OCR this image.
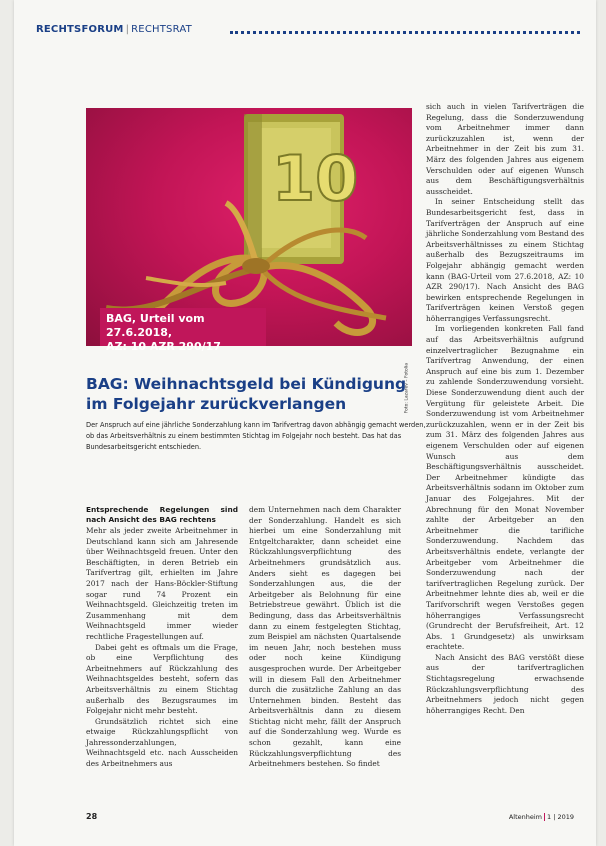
RECHTSFORUM | RECHTSRAT
10
Foto: Lazarev – Fotolia
BAG, Urteil vom 27.6.2018,
AZ: 10 AZR 290/17
BAG: Weihnachtsgeld bei Kündigung im Folgejahr zurückverlangen

Der Anspruch auf eine jährliche Sonderzahlung kann im Tarifvertrag davon abhängig gemacht werden, ob das Arbeitsverhältnis zu einem bestimmten Stichtag im Folgejahr noch besteht. Das hat das Bundesarbeitsgericht entschieden.

Entsprechende Regelungen sind nach Ansicht des BAG rechtens

Mehr als jeder zweite Arbeitnehmer in Deutschland kann sich am Jahresende über Weihnachtsgeld freuen. Unter den Beschäftigten, in deren Betrieb ein Tarifvertrag gilt, erhielten im Jahre 2017 nach der Hans-Böckler-Stiftung sogar rund 74 Prozent ein Weihnachtsgeld. Gleichzeitig treten im Zusammenhang mit dem Weihnachtsgeld immer wieder rechtliche Fragestellungen auf.

Dabei geht es oftmals um die Frage, ob eine Verpflichtung des Arbeitnehmers auf Rückzahlung des Weihnachtsgeldes besteht, sofern das Arbeitsverhältnis zu einem Stichtag außerhalb des Bezugsraumes im Folgejahr nicht mehr besteht.

Grundsätzlich richtet sich eine etwaige Rückzahlungspflicht von Jahressonderzahlungen, Weihnachtsgeld etc. nach Ausscheiden des Arbeitnehmers aus

dem Unternehmen nach dem Charakter der Sonderzahlung. Handelt es sich hierbei um eine Sonderzahlung mit Entgeltcharakter, dann scheidet eine Rückzahlungsverpflichtung des Arbeitnehmers grundsätzlich aus. Anders sieht es dagegen bei Sonderzahlungen aus, die der Arbeitgeber als Belohnung für eine Betriebstreue gewährt. Üblich ist die Bedingung, dass das Arbeitsverhältnis dann zu einem festgelegten Stichtag, zum Beispiel am nächsten Quartalsende im neuen Jahr, noch bestehen muss oder noch keine Kündigung ausgesprochen wurde. Der Arbeitgeber will in diesem Fall den Arbeitnehmer durch die zusätzliche Zahlung an das Unternehmen binden. Besteht das Arbeitsverhältnis dann zu diesem Stichtag nicht mehr, fällt der Anspruch auf die Sonderzahlung weg. Wurde es schon gezahlt, kann eine Rückzahlungsverpflichtung des Arbeitnehmers bestehen. So findet

sich auch in vielen Tarifverträgen die Regelung, dass die Sonderzuwendung vom Arbeitnehmer immer dann zurückzuzahlen ist, wenn der Arbeitnehmer in der Zeit bis zum 31. März des folgenden Jahres aus eigenem Verschulden oder auf eigenen Wunsch aus dem Beschäftigungsverhältnis ausscheidet.

In seiner Entscheidung stellt das Bundesarbeitsgericht fest, dass in Tarifverträgen der Anspruch auf eine jährliche Sonderzahlung vom Bestand des Arbeitsverhältnisses zu einem Stichtag außerhalb des Bezugszeitraums im Folgejahr abhängig gemacht werden kann (BAG-Urteil vom 27.6.2018, AZ: 10 AZR 290/17). Nach Ansicht des BAG bewirken entsprechende Regelungen in Tarifverträgen keinen Verstoß gegen höherrangiges Verfassungsrecht.

Im vorliegenden konkreten Fall fand auf das Arbeitsverhältnis aufgrund einzelvertraglicher Bezugnahme ein Tarifvertrag Anwendung, der einen Anspruch auf eine bis zum 1. Dezember zu zahlende Sonderzuwendung vorsieht. Diese Sonderzuwendung dient auch der Vergütung für geleistete Arbeit. Die Sonderzuwendung ist vom Arbeitnehmer zurückzuzahlen, wenn er in der Zeit bis zum 31. März des folgenden Jahres aus eigenem Verschulden oder auf eigenen Wunsch aus dem Beschäftigungsverhältnis ausscheidet. Der Arbeitnehmer kündigte das Arbeitsverhältnis sodann im Oktober zum Januar des Folgejahres. Mit der Abrechnung für den Monat November zahlte der Arbeitgeber an den Arbeitnehmer die tarifliche Sonderzuwendung. Nachdem das Arbeitsverhältnis endete, verlangte der Arbeitgeber vom Arbeitnehmer die Sonderzuwendung nach der tarifvertraglichen Regelung zurück. Der Arbeitnehmer lehnte dies ab, weil er die Tarifvorschrift wegen Verstoßes gegen höherrangiges Verfassungsrecht (Grundrecht der Berufsfreiheit, Art. 12 Abs. 1 Grundgesetz) als unwirksam erachtete.

Nach Ansicht des BAG verstößt diese aus der tarifvertraglichen Stichtagsregelung erwachsende Rückzahlungsverpflichtung des Arbeitnehmers jedoch nicht gegen höherrangiges Recht. Den

28	Altenheim 1 | 2019
